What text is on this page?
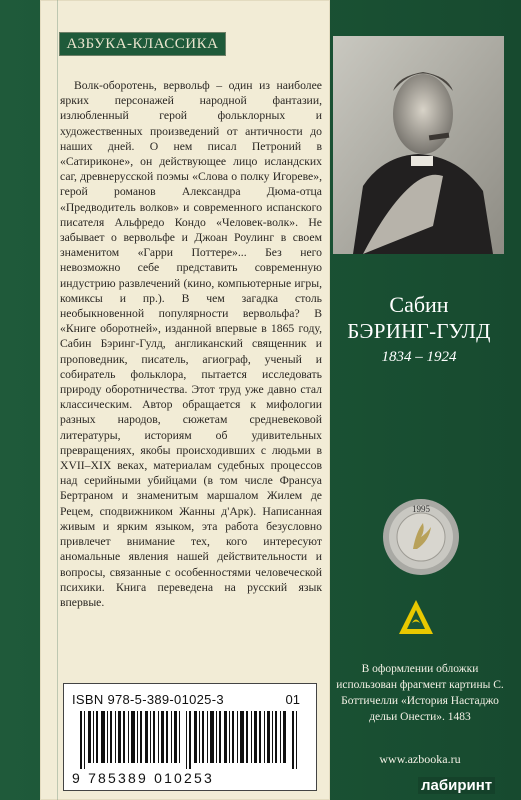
АЗБУКА-КЛАССИКА

Волк-оборотень, вервольф – один из наиболее ярких персонажей народной фантазии, излюбленный герой фольклорных и художественных произведений от античности до наших дней. О нем писал Петроний в «Сатириконе», он действующее лицо исландских саг, древнерусской поэмы «Слова о полку Игореве», герой романов Александра Дюма-отца «Предводитель волков» и современного испанского писателя Альфредо Кондо «Человек-волк». Не забывает о вервольфе и Джоан Роулинг в своем знаменитом «Гарри Поттере»... Без него невозможно себе представить современную индустрию развлечений (кино, компьютерные игры, комиксы и пр.). В чем загадка столь необыкновенной популярности вервольфа? В «Книге оборотней», изданной впервые в 1865 году, Сабин Бэринг-Гулд, англиканский священник и проповедник, писатель, агиограф, ученый и собиратель фольклора, пытается исследовать природу оборотничества. Этот труд уже давно стал классическим. Автор обращается к мифологии разных народов, сюжетам средневековой литературы, историям об удивительных превращениях, якобы происходивших с людьми в XVII–XIX веках, материалам судебных процессов над серийными убийцами (в том числе Франсуа Бертраном и знаменитым маршалом Жилем де Рецем, сподвижником Жанны д'Арк). Написанная живым и ярким языком, эта работа безусловно привлечет внимание тех, кого интересуют аномальные явления нашей действительности и вопросы, связанные с особенностями человеческой психики. Книга переведена на русский язык впервые.

ISBN 978-5-389-01025-3	01
9 785389 010253
Сабин
БЭРИНГ-ГУЛД
1834 – 1924
1995
В оформлении обложки использован фрагмент картины С. Боттичелли «История Настаджо дельи Онести». 1483
www.azbooka.ru
лабиринт
